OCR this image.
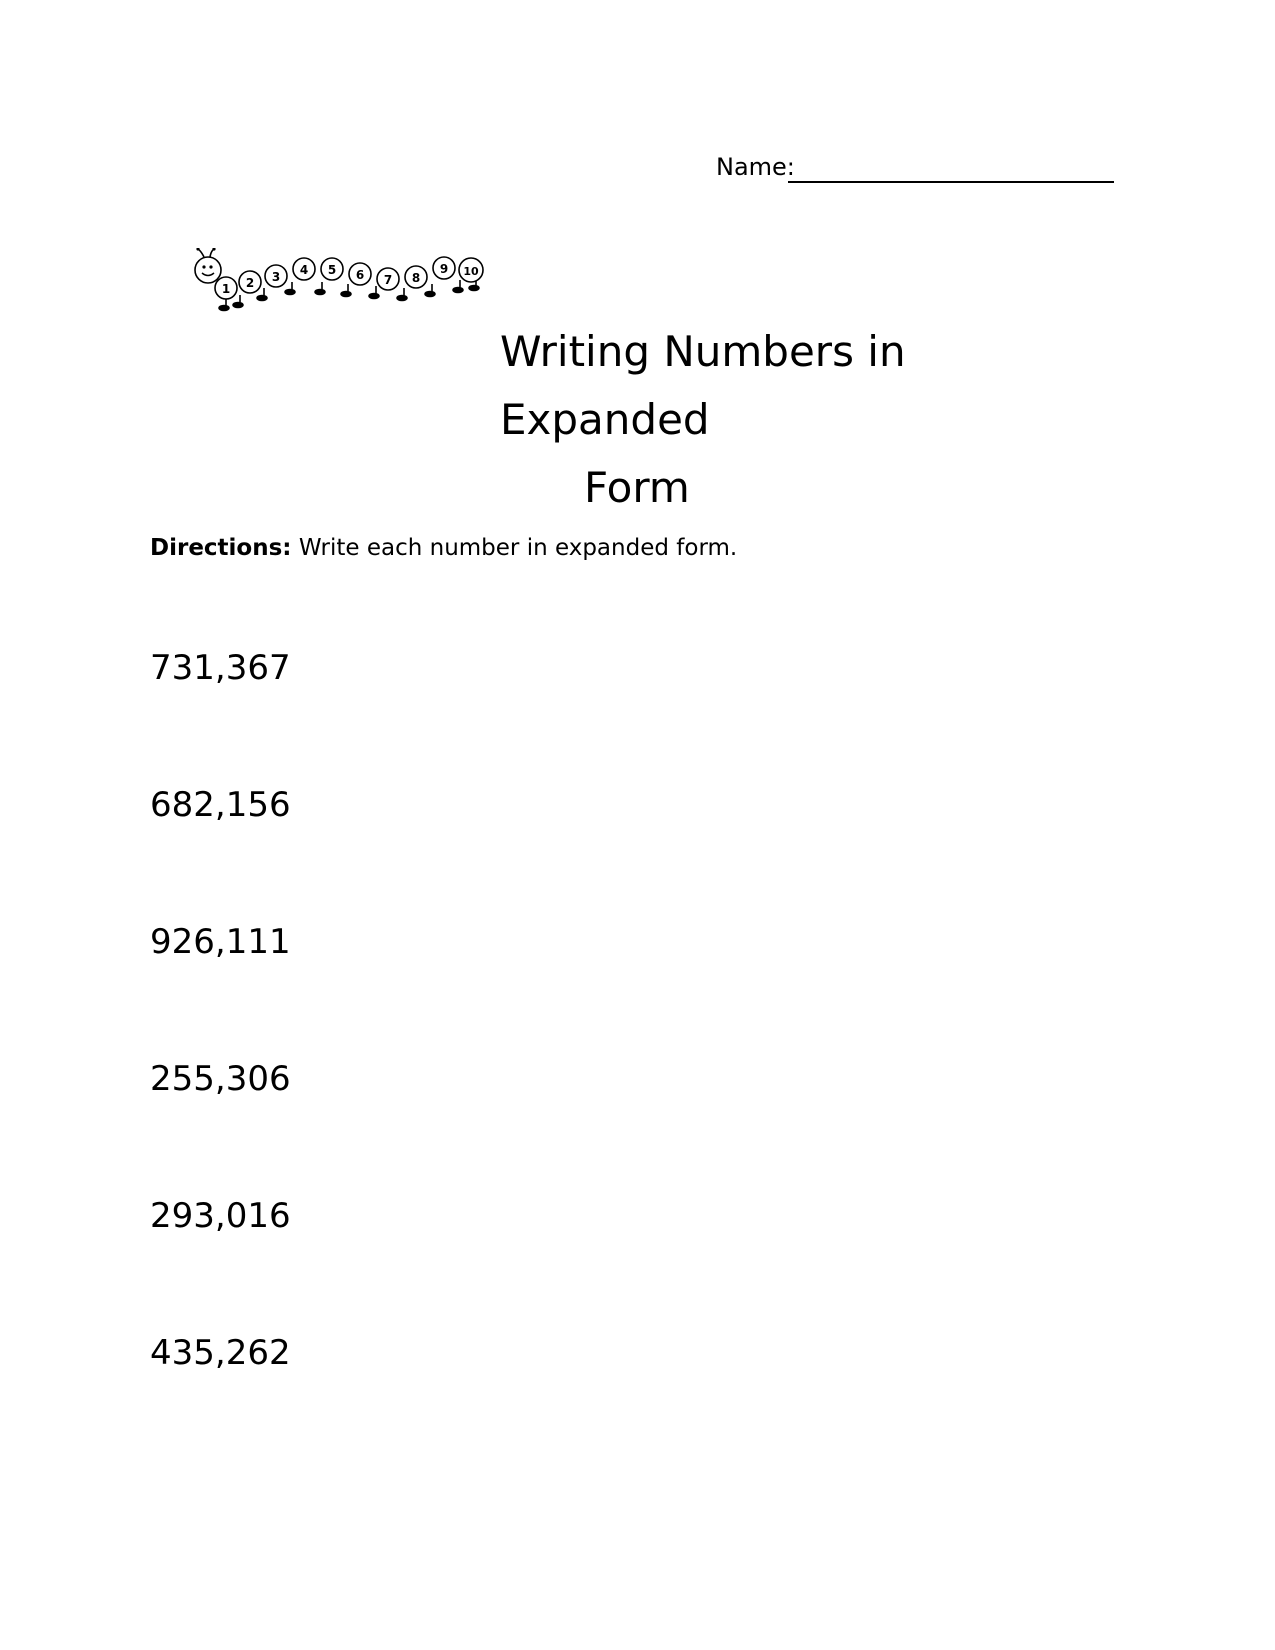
Name:
1 2 3 4 5 6 7 8
9 10
Writing Numbers in Expanded
Form
Directions: Write each number in expanded form.
731,367
682,156
926,111
255,306
293,016
435,262
